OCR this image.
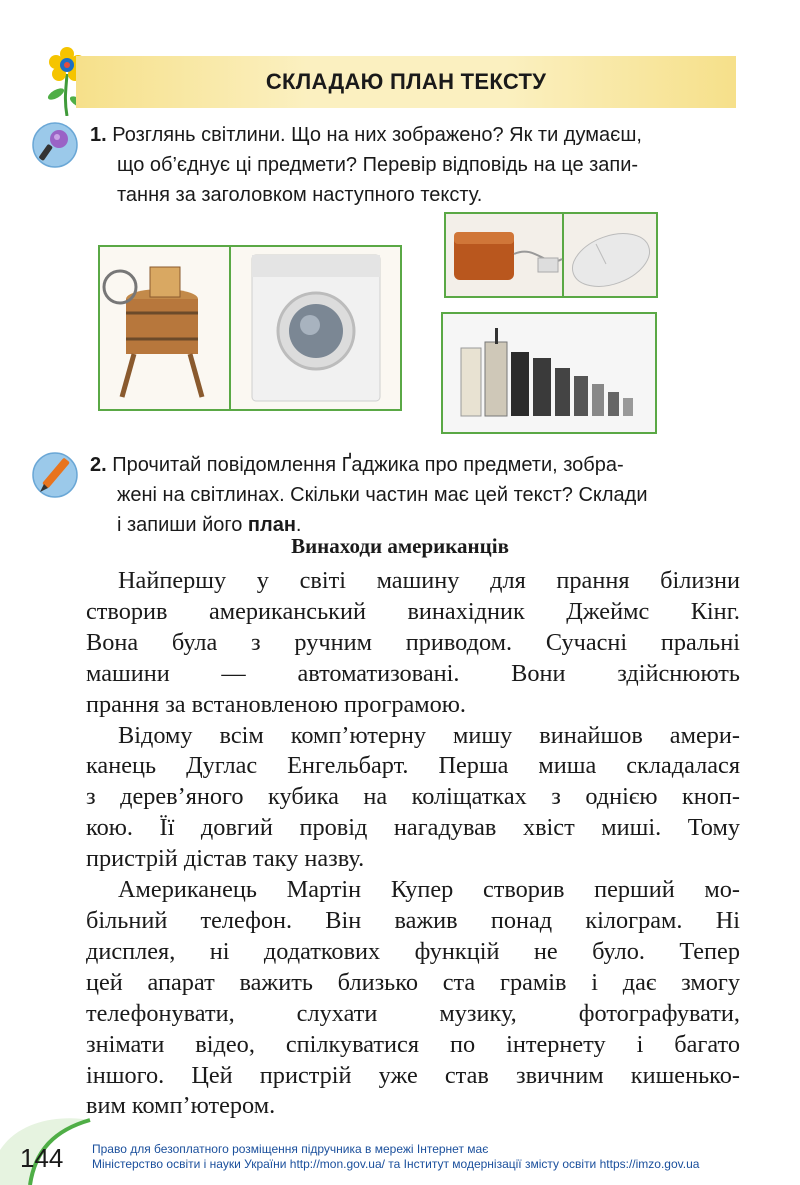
СКЛАДАЮ ПЛАН ТЕКСТУ
1. Розглянь світлини. Що на них зображено? Як ти думаєш,
що об’єднує ці предмети? Перевір відповідь на це запи-
тання за заголовком наступного тексту.
2. Прочитай повідомлення Ґаджика про предмети, зобра-
жені на світлинах. Скільки частин має цей текст? Склади
і запиши його план.
Винаходи американців
Найпершу у світі машину для прання білизни
створив американський винахідник Джеймс Кінг.
Вона була з ручним приводом. Сучасні пральні
машини — автоматизовані. Вони здійснюють
прання за встановленою програмою.
Відому всім комп’ютерну мишу винайшов амери-
канець Дуглас Енгельбарт. Перша миша складалася
з дерев’яного кубика на коліщатках з однією кноп-
кою. Її довгий провід нагадував хвіст миші. Тому
пристрій дістав таку назву.
Американець Мартін Купер створив перший мо-
більний телефон. Він важив понад кілограм. Ні
дисплея, ні додаткових функцій не було. Тепер
цей апарат важить близько ста грамів і дає змогу
телефонувати, слухати музику, фотографувати,
знімати відео, спілкуватися по інтернету і багато
іншого. Цей пристрій уже став звичним кишенько-
вим комп’ютером.
144 Право для безоплатного розміщення підручника в мережі Інтернет має
Міністерство освіти і науки України http://mon.gov.ua/ та Інститут модернізації змісту освіти https://imzo.gov.ua
